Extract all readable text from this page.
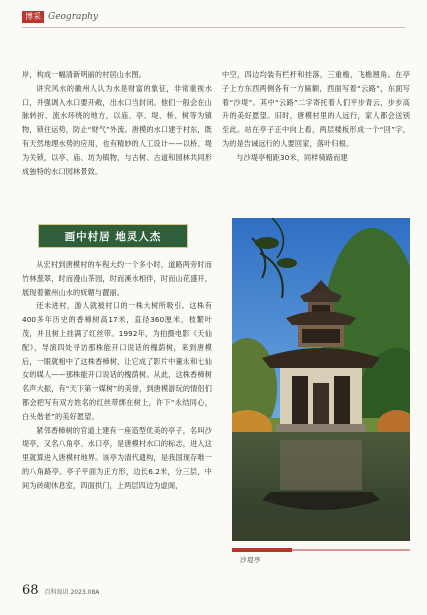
博采 Geography

岸，构成一幅清新明丽的村居山水图。

讲究风水的徽州人认为水是财富的象征，非常重视水口，并强调入水口要开敞，出水口当封闭。他们一般会在山脉转折、流水环绕的地方，以庙、亭、堤、桥、树等为镇物，锁住运势，防止“财气”外流。唐模的水口建于村东，既有天然地理水势的应用，也有精妙的人工设计——以桥、堤为关锁，以亭、庙、坊为镇物，与古树、古道和园林共同形成独特的水口园林景致。

画中村居 地灵人杰

从宏村到唐模村的车程大约一个多小时，道路两旁时而竹林葱翠，时而漫山茶园，时而溪水相伴，时而山花盛开，展现着徽州山水的妩媚与靓丽。

还未进村，游人就被村口的一株大树所吸引。这株有400多年历史的香樟树高17米，直径360厘米，枝繁叶茂，并且树上挂满了红丝带。1992年，为拍摄电影《天仙配》，导演四处寻访那株能开口说话的槐荫树，来到唐模后，一眼就相中了这株香樟树，让它成了影片中董永和七仙女的媒人——那株能开口说话的槐荫树。从此，这株香樟树名声大振，有“天下第一媒树”的美誉，到唐模游玩的情侣们都会把写有双方姓名的红丝带绑在树上，许下“永结同心，白头偕老”的美好愿望。

紧邻香樟树的官道上建有一座造型优美的亭子，名叫沙堤亭，又名八角亭、水口亭，是唐模村水口的标志，进入这里就算进入唐模村地界。该亭为清代遗构，是我国现存唯一的八角路亭。亭子平面为正方形，边长6.2米，分三层，中间为砖砌休息室，四面拱门，上两层四边为虚阁，

中空，四边均装有栏杆和挂落，三重檐，飞檐翘角。在亭子上方东西两侧各有一方匾额，西面写着“云路”，东面写着“沙堤”。其中“云路”二字寄托着人们平步青云，步步高升的美好愿望。旧时，唐模村里的人远行，家人都会送别至此。站在亭子正中向上看，两层楼板形成一个“回”字，为的是告诫远行的人要回家，落叶归根。

与沙堤亭相距30米，同样骑路而建

沙堤亭
68 百科知识 2023.08A
